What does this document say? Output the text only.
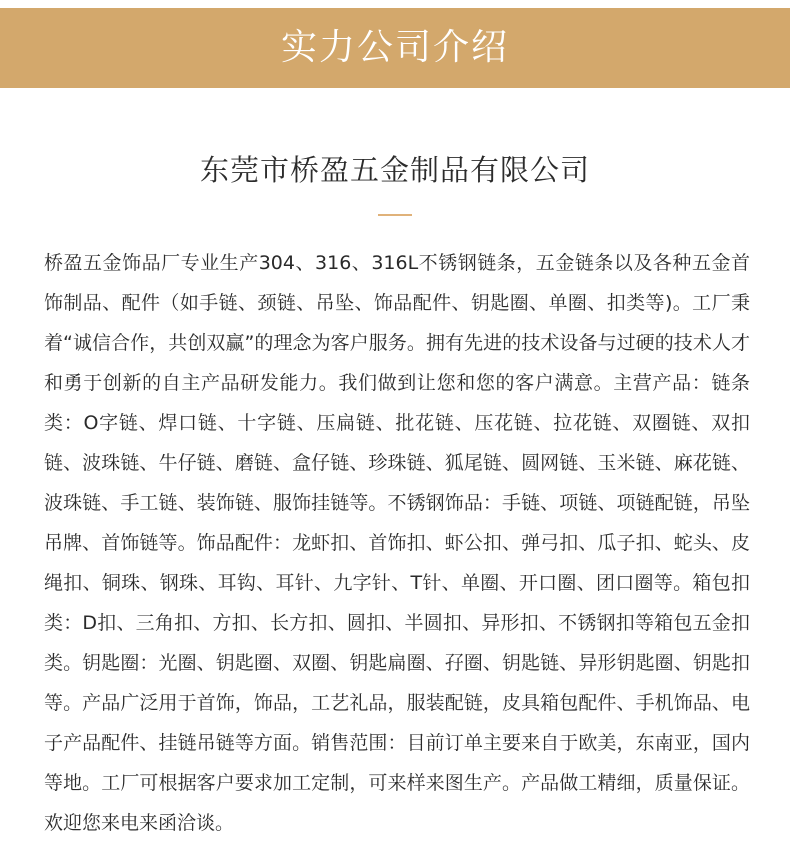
实力公司介绍
东莞市桥盈五金制品有限公司

桥盈五金饰品厂专业生产304、316、316L不锈钢链条，五金链条以及各种五金首饰制品、配件（如手链、颈链、吊坠、饰品配件、钥匙圈、单圈、扣类等)。工厂秉着“诚信合作，共创双赢”的理念为客户服务。拥有先进的技术设备与过硬的技术人才和勇于创新的自主产品研发能力。我们做到让您和您的客户满意。主营产品：链条类：O字链、焊口链、十字链、压扁链、批花链、压花链、拉花链、双圈链、双扣链、波珠链、牛仔链、磨链、盒仔链、珍珠链、狐尾链、圆网链、玉米链、麻花链、波珠链、手工链、装饰链、服饰挂链等。不锈钢饰品：手链、项链、项链配链，吊坠吊牌、首饰链等。饰品配件：龙虾扣、首饰扣、虾公扣、弹弓扣、瓜子扣、蛇头、皮绳扣、铜珠、钢珠、耳钩、耳针、九字针、T针、单圈、开口圈、团口圈等。箱包扣类：D扣、三角扣、方扣、长方扣、圆扣、半圆扣、异形扣、不锈钢扣等箱包五金扣类。钥匙圈：光圈、钥匙圈、双圈、钥匙扁圈、孖圈、钥匙链、异形钥匙圈、钥匙扣等。产品广泛用于首饰，饰品，工艺礼品，服装配链，皮具箱包配件、手机饰品、电子产品配件、挂链吊链等方面。销售范围：目前订单主要来自于欧美，东南亚，国内等地。工厂可根据客户要求加工定制，可来样来图生产。产品做工精细，质量保证。欢迎您来电来函洽谈。
